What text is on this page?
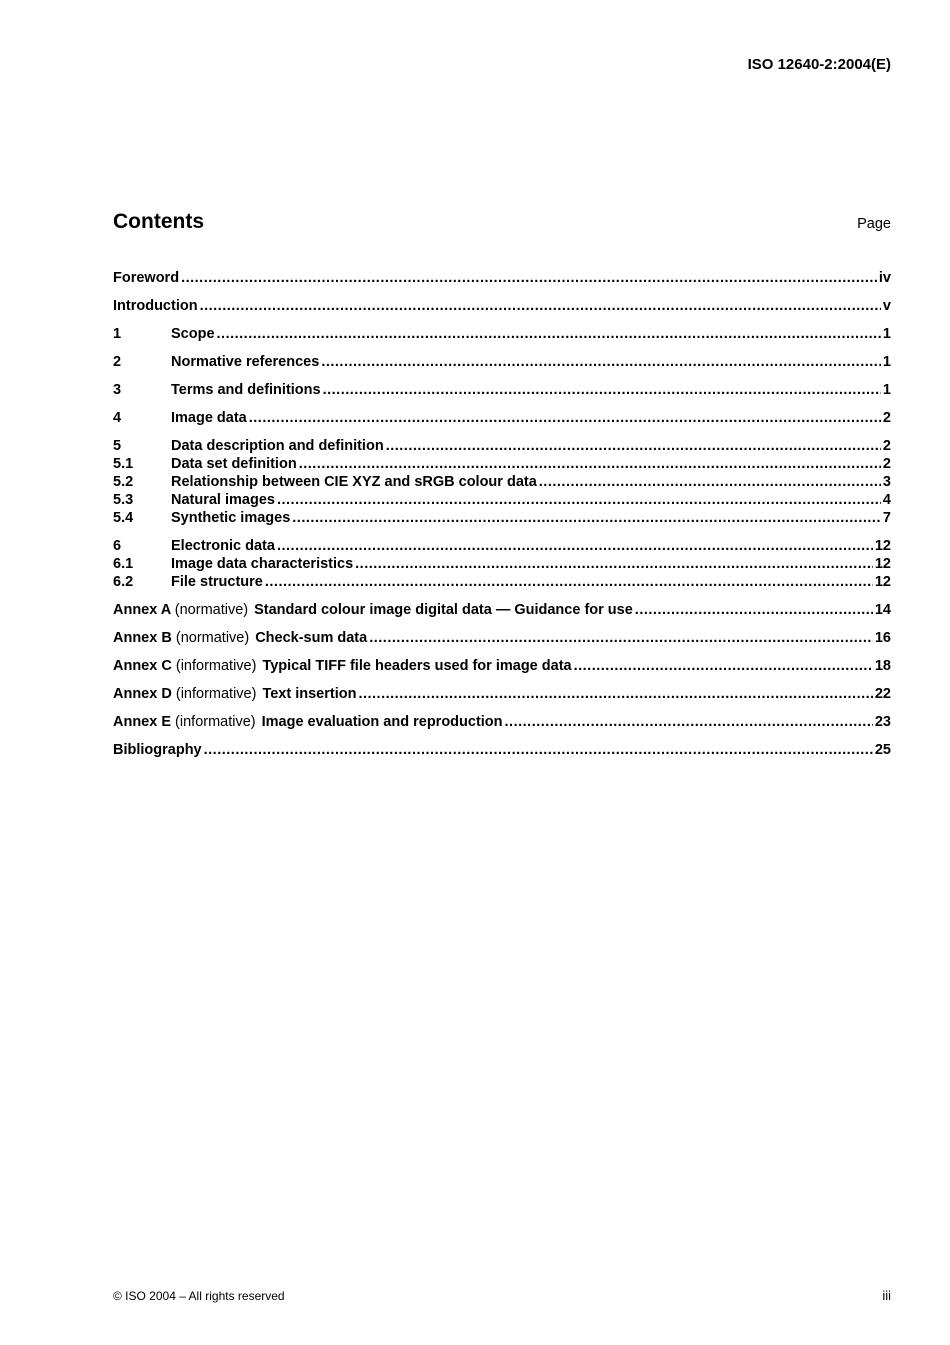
ISO 12640-2:2004(E)
Contents	Page
Foreword .....	iv
Introduction .....	v
1	Scope .....	1
2	Normative references .....	1
3	Terms and definitions .....	1
4	Image data .....	2
5	Data description and definition .....	2
5.1	Data set definition .....	2
5.2	Relationship between CIE XYZ and sRGB colour data .....	3
5.3	Natural images .....	4
5.4	Synthetic images .....	7
6	Electronic data .....	12
6.1	Image data characteristics .....	12
6.2	File structure .....	12
Annex A (normative) Standard colour image digital data — Guidance for use .....	14
Annex B (normative) Check-sum data .....	16
Annex C (informative) Typical TIFF file headers used for image data .....	18
Annex D (informative) Text insertion .....	22
Annex E (informative) Image evaluation and reproduction .....	23
Bibliography .....	25
© ISO 2004 – All rights reserved	iii
